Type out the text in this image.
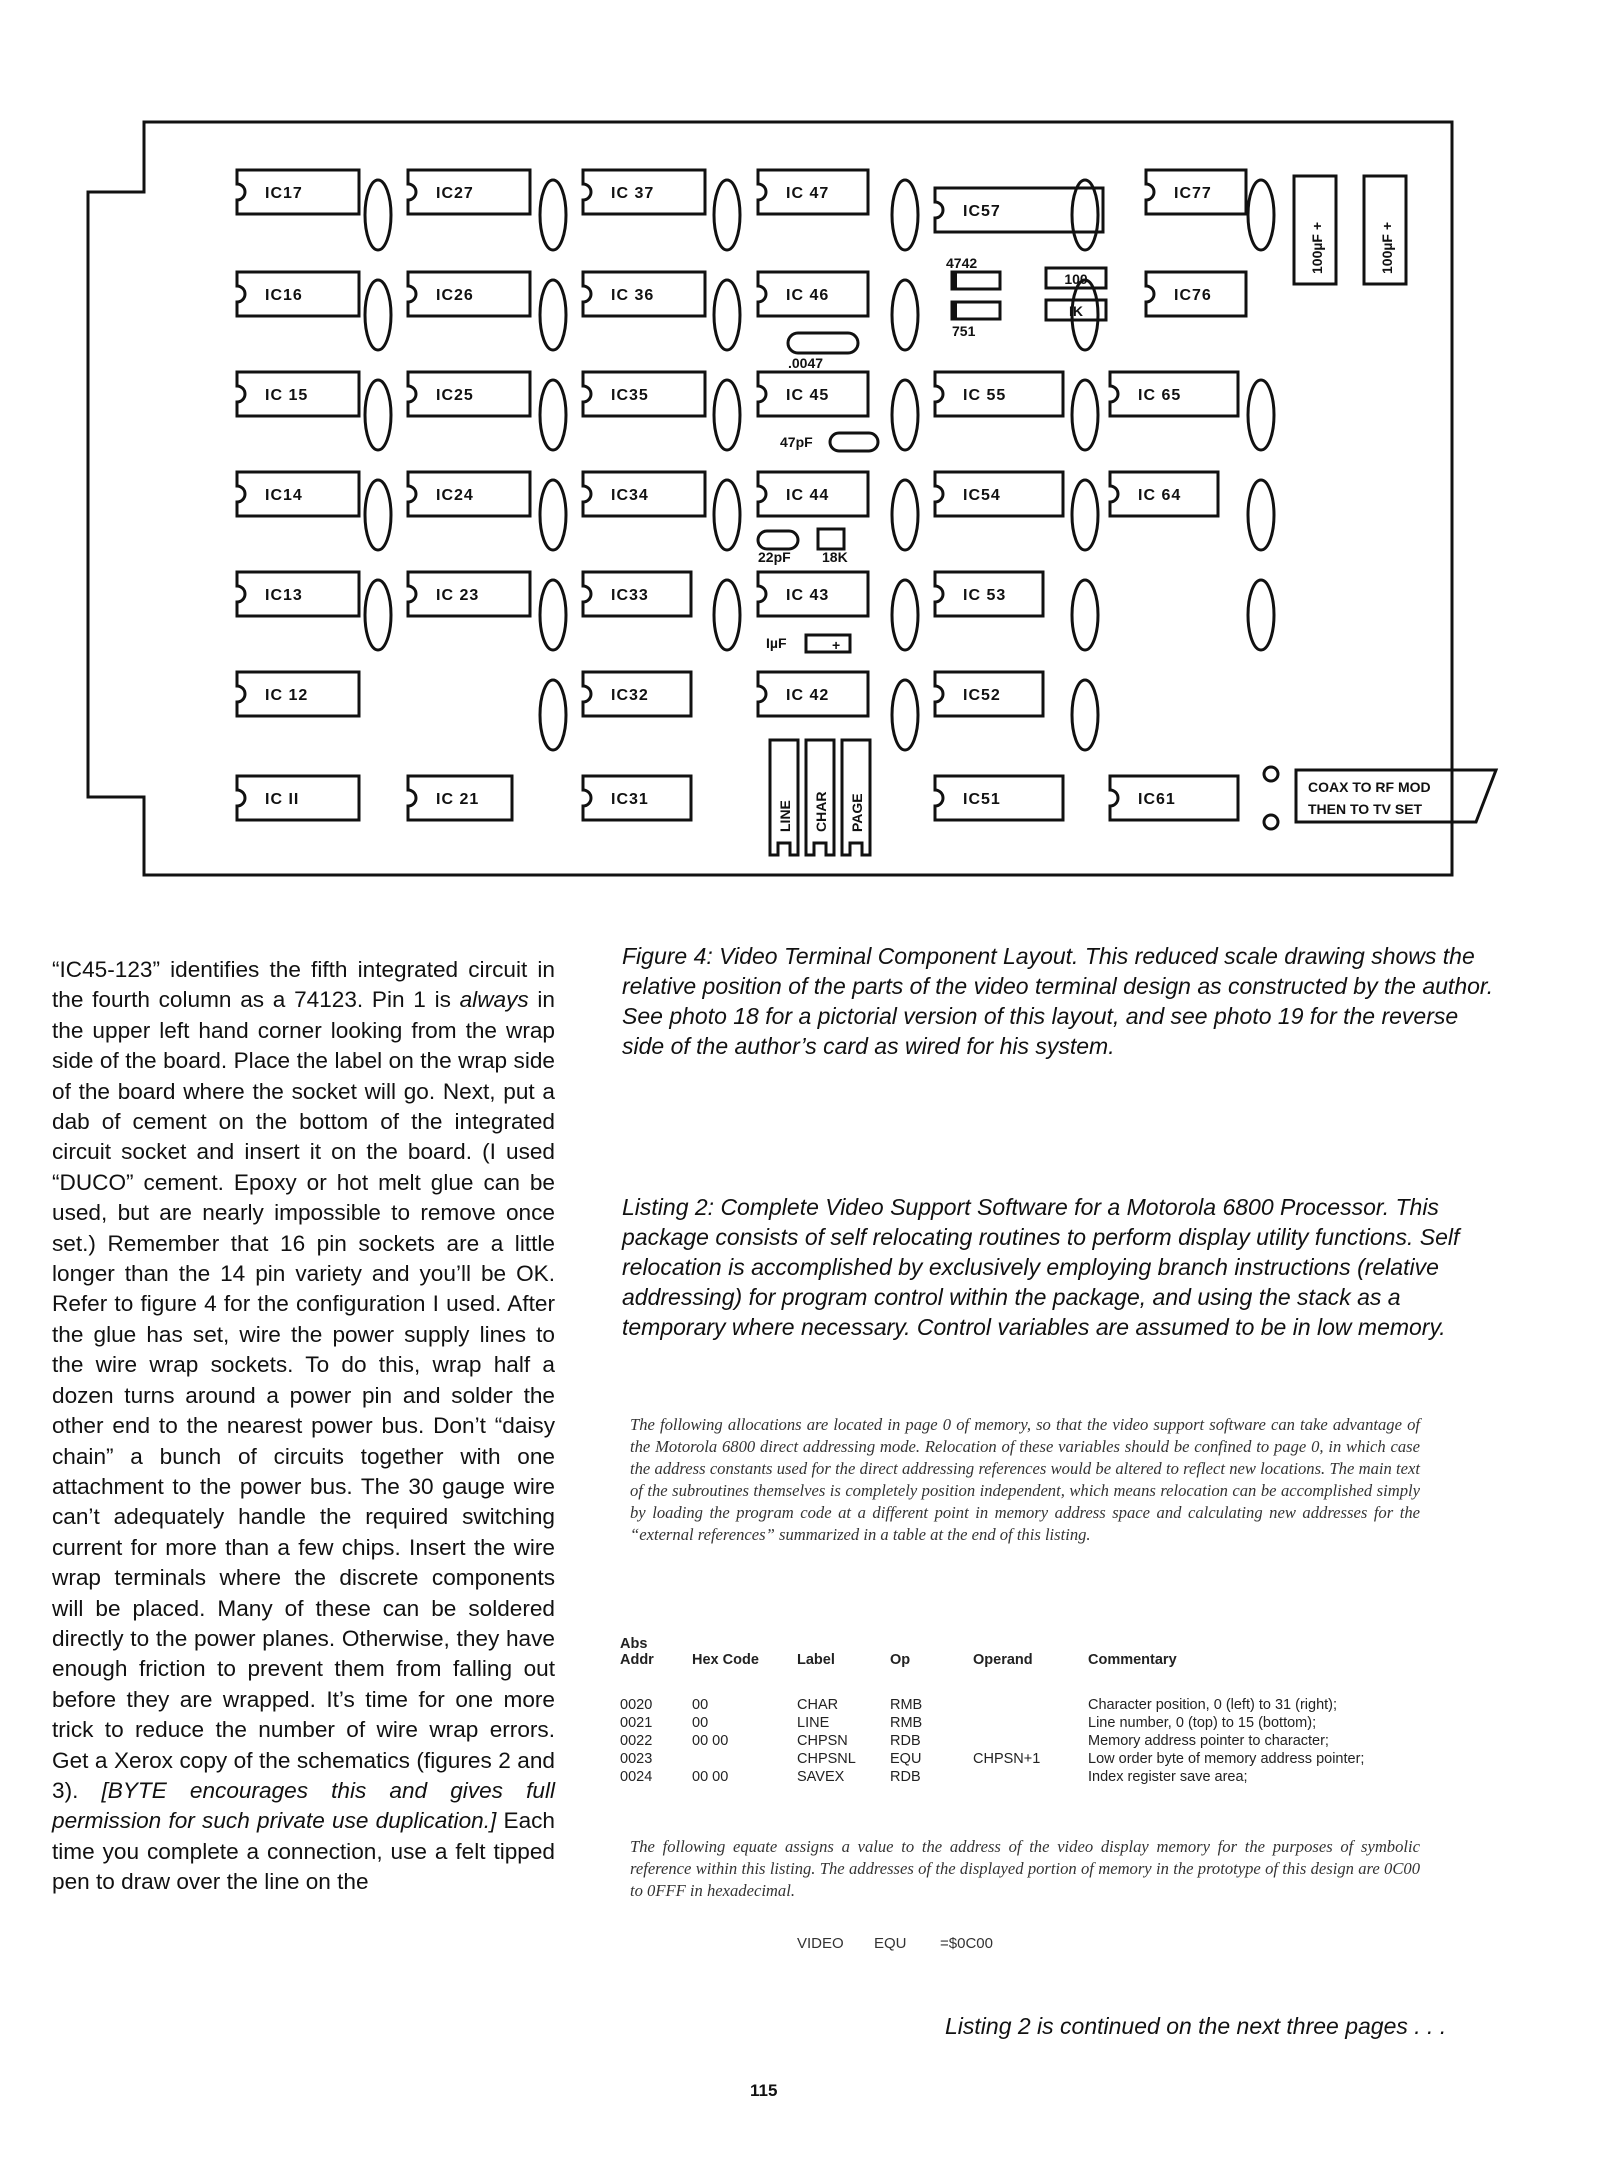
IC17
IC16
IC 15
IC14
IC13
IC 12
IC II
IC27
IC26
IC25
IC24
IC 23
IC 21
IC 37
IC 36
IC35
IC34
IC33
IC32
IC31
IC 47
IC 46
IC 45
IC 44
IC 43
IC 42
IC57
IC 55
IC54
IC 53
IC52
IC51
IC77
IC76
IC 65
IC 64
IC61
4742
751
100
IK
.0047
47pF
22pF 18K
IµF	+
100µF +	100µF +
LINE CHAR PAGE
COAX TO RF MOD
THEN TO TV SET

“IC45-123” identifies the fifth integrated circuit in the fourth column as a 74123. Pin 1 is always in the upper left hand corner looking from the wrap side of the board. Place the label on the wrap side of the board where the socket will go. Next, put a dab of cement on the bottom of the integrated circuit socket and insert it on the board. (I used “DUCO” cement. Epoxy or hot melt glue can be used, but are nearly impossible to remove once set.) Remember that 16 pin sockets are a little longer than the 14 pin variety and you’ll be OK. Refer to figure 4 for the configuration I used. After the glue has set, wire the power supply lines to the wire wrap sockets. To do this, wrap half a dozen turns around a power pin and solder the other end to the nearest power bus. Don’t “daisy chain” a bunch of circuits together with one attachment to the power bus. The 30 gauge wire can’t adequately handle the required switching current for more than a few chips. Insert the wire wrap terminals where the discrete components will be placed. Many of these can be soldered directly to the power planes. Otherwise, they have enough friction to prevent them from falling out before they are wrapped. It’s time for one more trick to reduce the number of wire wrap errors. Get a Xerox copy of the schematics (figures 2 and 3). [BYTE encourages this and gives full permission for such private use duplication.] Each time you complete a connection, use a felt tipped pen to draw over the line on the

Figure 4: Video Terminal Component Layout. This reduced scale drawing shows the relative position of the parts of the video terminal design as constructed by the author. See photo 18 for a pictorial version of this layout, and see photo 19 for the reverse side of the author’s card as wired for his system.
Listing 2: Complete Video Support Software for a Motorola 6800 Processor. This package consists of self relocating routines to perform display utility functions. Self relocation is accomplished by exclusively employing branch instructions (relative addressing) for program control within the package, and using the stack as a temporary where necessary. Control variables are assumed to be in low memory.
The following allocations are located in page 0 of memory, so that the video support software can take advantage of the Motorola 6800 direct addressing mode. Relocation of these variables should be confined to page 0, in which case the address constants used for the direct addressing references would be altered to reflect new locations. The main text of the subroutines themselves is completely position independent, which means relocation can be accomplished simply by loading the program code at a different point in memory address space and calculating new addresses for the “external references” summarized in a table at the end of this listing.
Abs
Addr	Hex Code	Label	Op	Operand	Commentary
0020	00	CHAR	RMB		Character position, 0 (left) to 31 (right);
0021	00	LINE	RMB		Line number, 0 (top) to 15 (bottom);
0022	00 00	CHPSN	RDB		Memory address pointer to character;
0023		CHPSNL	EQU	CHPSN+1	Low order byte of memory address pointer;
0024	00 00	SAVEX	RDB		Index register save area;
The following equate assigns a value to the address of the video display memory for the purposes of symbolic reference within this listing. The addresses of the displayed portion of memory in the prototype of this design are 0C00 to 0FFF in hexadecimal.
VIDEO EQU =$0C00
Listing 2 is continued on the next three pages . . .
115
